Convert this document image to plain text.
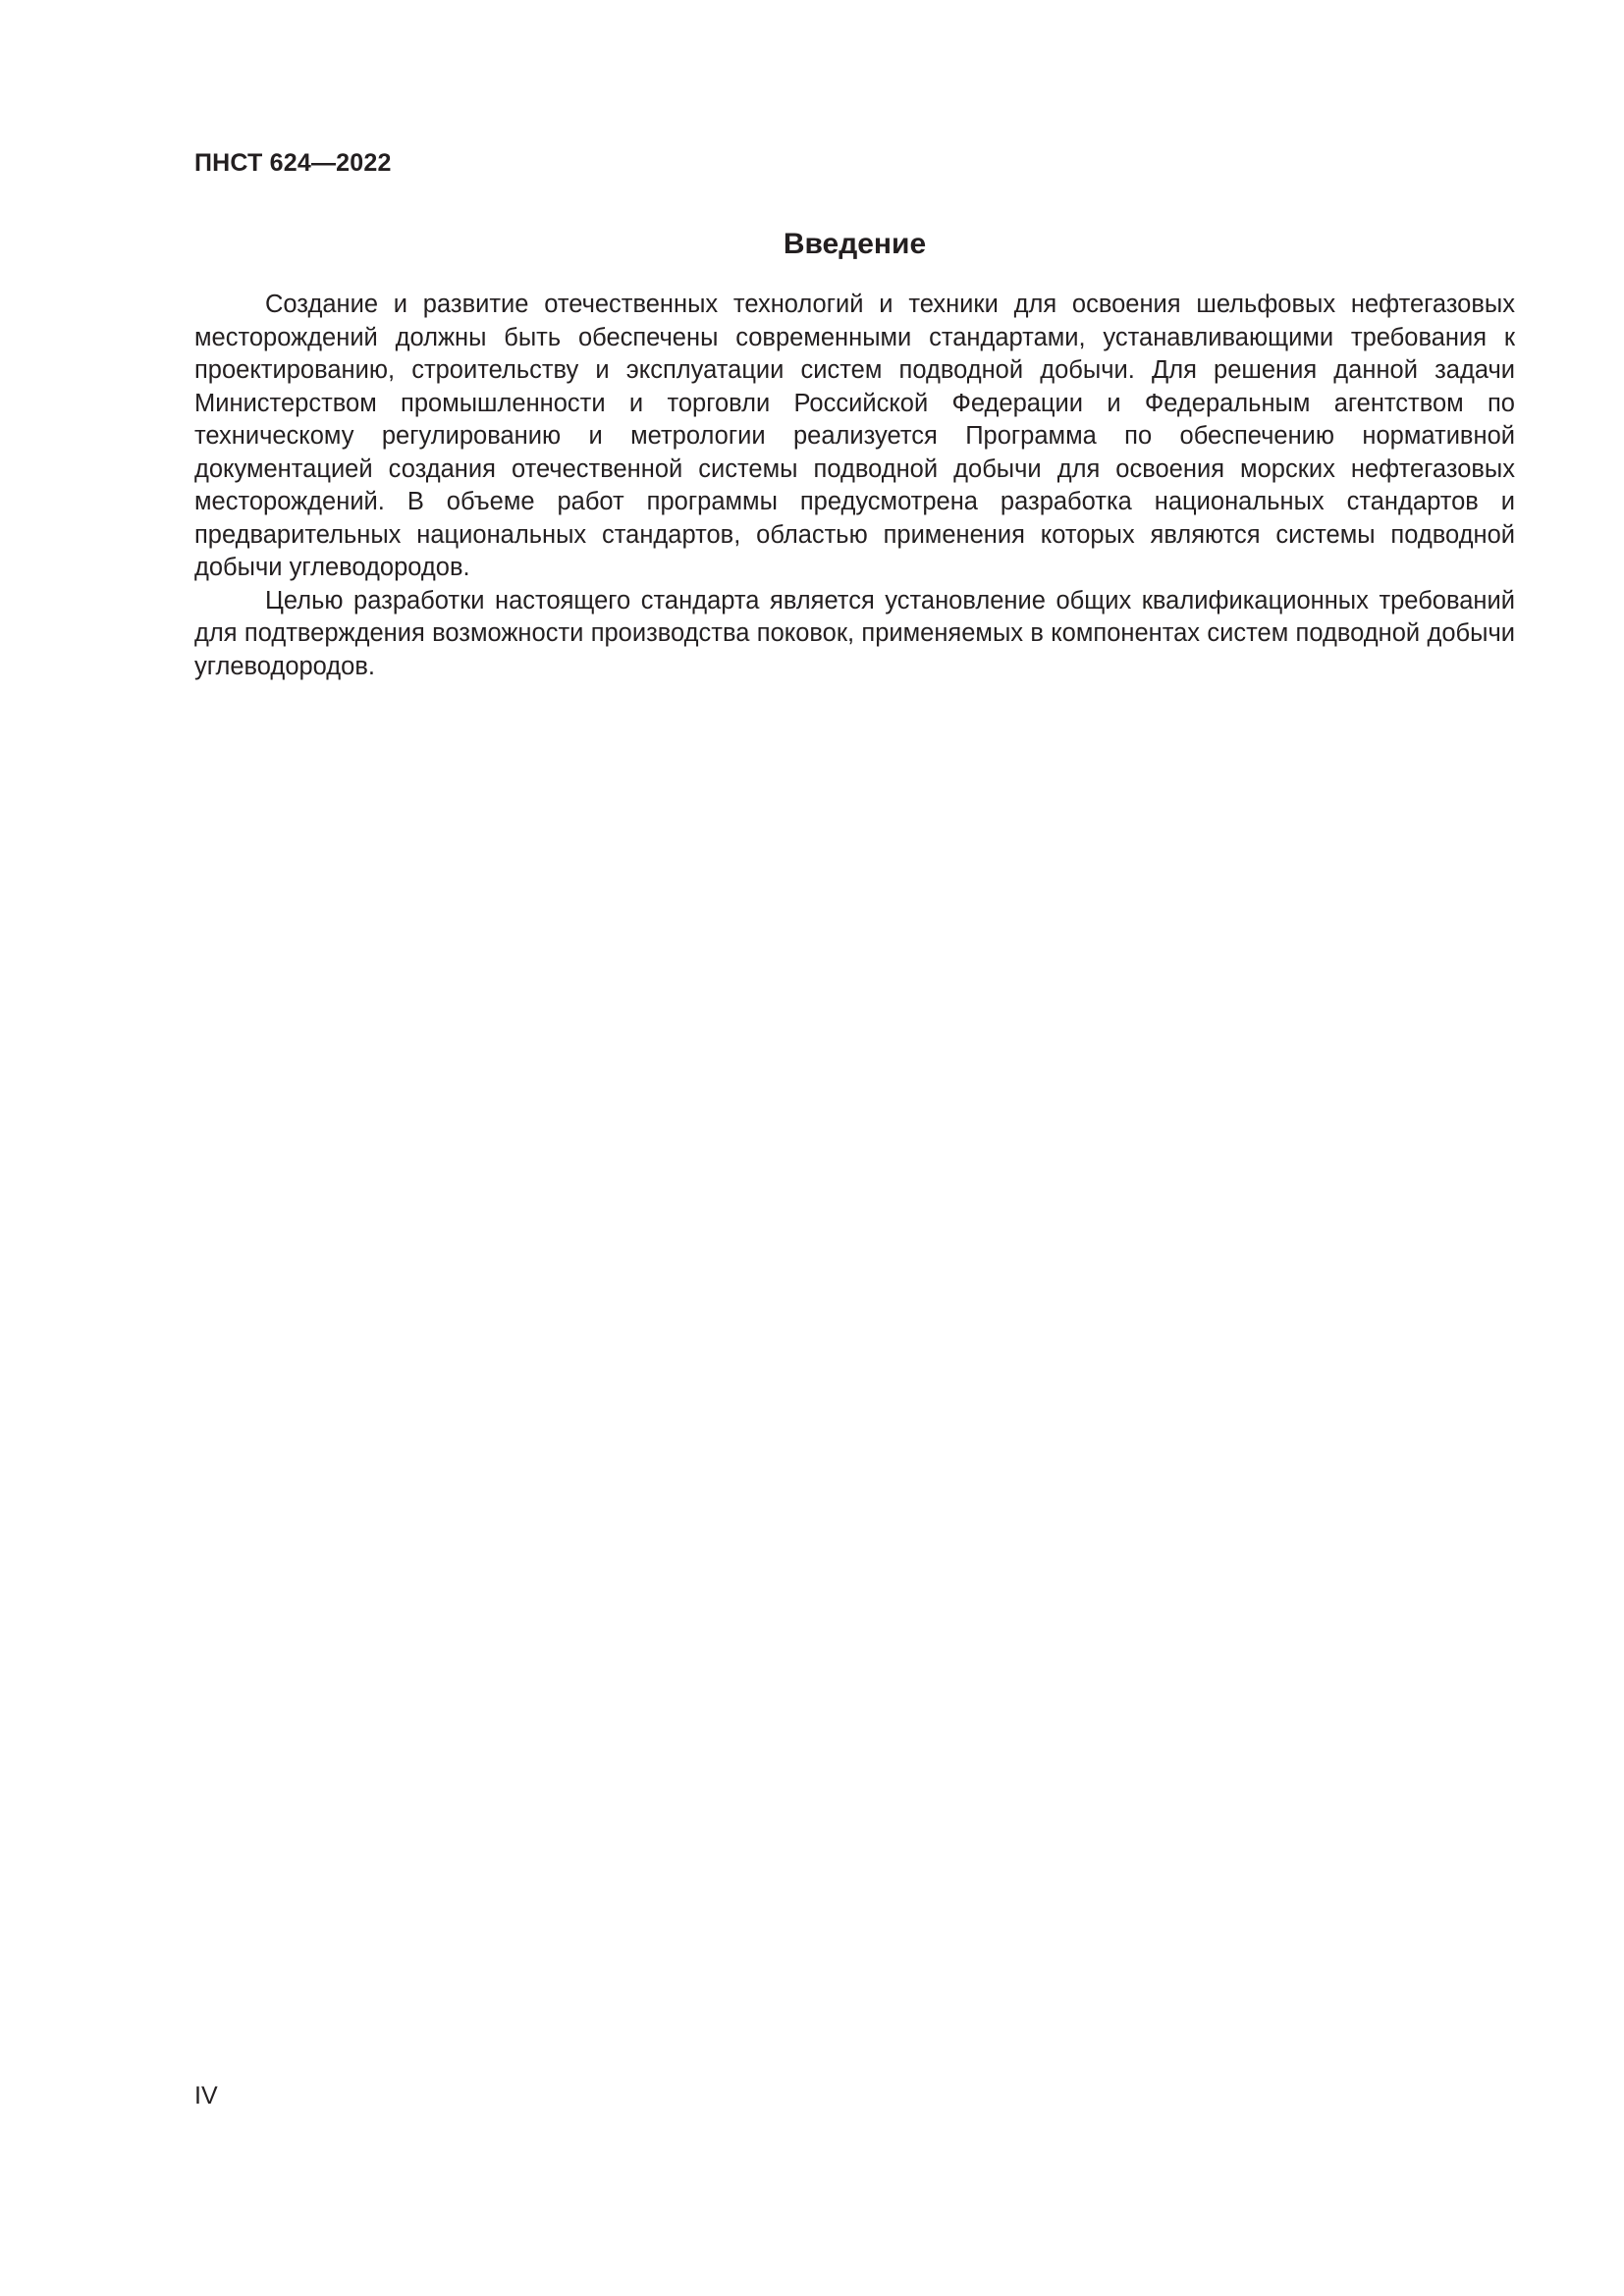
ПНСТ 624—2022
Введение

Создание и развитие отечественных технологий и техники для освоения шельфовых нефтегазовых месторождений должны быть обеспечены современными стандартами, устанавливающими требования к проектированию, строительству и эксплуатации систем подводной добычи. Для решения данной задачи Министерством промышленности и торговли Российской Федерации и Федеральным агентством по техническому регулированию и метрологии реализуется Программа по обеспечению нормативной документацией создания отечественной системы подводной добычи для освоения морских нефтегазовых месторождений. В объеме работ программы предусмотрена разработка национальных стандартов и предварительных национальных стандартов, областью применения которых являются системы подводной добычи углеводородов.

Целью разработки настоящего стандарта является установление общих квалификационных требований для подтверждения возможности производства поковок, применяемых в компонентах систем подводной добычи углеводородов.

IV
